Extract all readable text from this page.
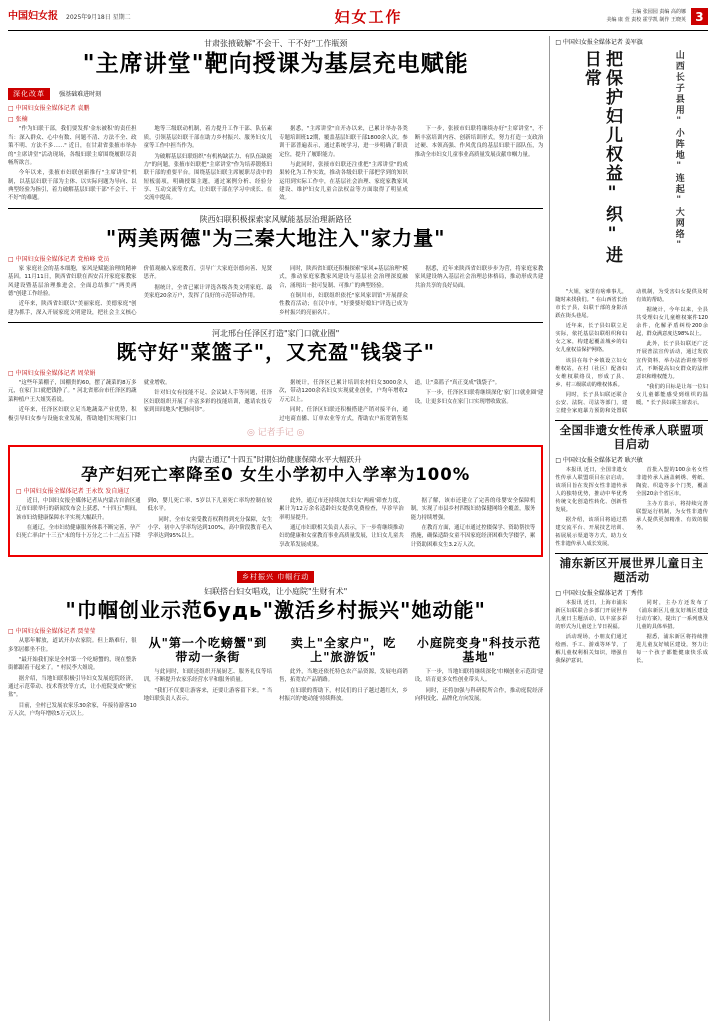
中国妇女报 2025年9月18日 星期二	妇女工作	主编 张园园 责编 高的娜
美编 康 萱 责校 霍学凯 制作 王晓英 3
甘肃张掖破解"不会干、干不好"工作瓶颈
"主席讲堂"靶向授课为基层充电赋能
深化改革 强基础难进时刻
□ 中国妇女报全媒体记者 袁鹏
□ 张楠

"作为妇联干部，我们要发挥'金东被积'的责任担当：深入群众、心中有数、问题不清、方法不全、政策不明、方法不多……" 近日，在甘肃省张掖市举办的"主席讲堂"活动现场，各级妇联主席围绕履职尽责畅所欲言。

今年以来，张掖市妇联创新推行"主席讲堂"机制，以基层妇联干部为主体、以实际问题为导向、以典型经验为指引，着力破解基层妇联干部"不会干、干不好"的难题。

地等三级联动机制，着力提升工作干部、队伍素质，引领基层妇联干部在助力乡村振兴、服务妇女儿童等工作中担当作为。

为破解基层妇联组织"有机构缺活力、有队伍缺能力"的问题，张掖市妇联把"主席讲堂"作为培养锻炼妇联干部的重要平台。围绕基层妇联主席履职尽责中的短板弱项，明确授课主题，通过案例分析、经验分享、互动交流等方式，让妇联干部在学习中成长、在交流中提高。

据悉，"主席讲堂"自开办以来，已累计举办各类专题培训班12期，覆盖基层妇联干部1800余人次。参训干部普遍表示，通过系统学习，进一步明确了职责定位，提升了履职能力。

与此同时，张掖市妇联还注重把"主席讲堂"的成果转化为工作实效，推动各级妇联干部把学到的知识运用到实际工作中，在基层社会治理、家庭家教家风建设、维护妇女儿童合法权益等方面取得了明显成效。

下一步，张掖市妇联将继续办好"主席讲堂"，不断丰富培训内容、创新培训形式，努力打造一支政治过硬、本领高强、作风优良的基层妇联干部队伍，为推动全市妇女儿童事业高质量发展贡献巾帼力量。

陕西妇联积极探索家风赋能基层治理新路径
"两美两德"为三秦大地注入"家力量"
□ 中国妇女报全媒体记者 党柏峰 党员

家 家庭社会的基本细胞，家风是赋能治理的精神基因。11月11日，陕西省妇联在西安召开家庭家教家风建设暨基层治理推进会，全面总结推广"两美两德"创建工作经验。

近年来，陕西省妇联以"美丽家庭、美德家庭"创建为抓手，深入开展家庭文明建设，把社会主义核心价值观融入家庭教育，引导广大家庭崇德向善、见贤思齐。

据统计，全省已累计评选各级各类文明家庭、最美家庭20余万户，发挥了良好的示范带动作用。

同时，陕西省妇联还积极探索"家风+基层治理"模式，推动家庭家教家风建设与基层社会治理深度融合，涌现出一批可复制、可推广的典型经验。

在铜川市，妇联组织依托"家风家训馆"开展群众性教育活动；在汉中市，"好婆婆好媳妇"评选已成为乡村振兴的亮丽名片。

据悉，近年来陕西省妇联步步为营，将家庭家教家风建设纳入基层社会治理总体格局，推动形成共建共治共享的良好局面。

河北邢台任泽区打造"家门口就业圈"
既守好"菜篮子"，又充盈"钱袋子"
□ 中国妇女报全媒体记者 周荣娟

"这些年菜棚子，国棚贵的60，摆了蔬菜的8万多元，在家门口就把钱挣了。" 河北省邢台市任泽区的蔬菜种植户王大姐笑着说。

近年来，任泽区妇联立足当地蔬菜产业优势，积极引导妇女参与设施农业发展，帮助她们实现家门口就业增收。

针对妇女有技能不足、会议缺人手等问题，任泽区妇联组织开展了丰富多彩的技能培训，邀请农技专家到田间地头"把脉问诊"。

据统计，任泽区已累计培训农村妇女3000余人次，带动1200余名妇女实现就业创业，户均年增收2万元以上。

同时，任泽区妇联还积极搭建产销对接平台，通过电商直播、订单农业等方式，帮助农户拓宽销售渠道，让"菜篮子"真正变成"钱袋子"。

下一步，任泽区妇联将继续深化'家门口就业圈'建设，让更多妇女在家门口实现增收致富。

◎ 记者手记 ◎
内蒙古通辽"十四五"时期妇幼健康保障水平大幅跃升
孕产妇死亡率降至0 女生小学初中入学率为100%
□ 中国妇女报全媒体记者 王永钦 发自通辽

近日，中国妇女报全媒体记者从内蒙古自治区通辽市妇联举行的新闻发布会上获悉，"十四五"期间，该市妇幼健康保障水平实现大幅跃升。

在通辽，全市妇幼健康服务体系不断完善，孕产妇死亡率由"十三五"末的每十万分之二十二点五下降到0，婴儿死亡率、5岁以下儿童死亡率均控制在较低水平。

同时，全市女童受教育权利得到充分保障，女生小学、初中入学率均达到100%，高中阶段教育毛入学率达到95%以上。

此外，通辽市还持续加大妇女'两癌'筛查力度，累计为12万余名适龄妇女提供免费检查，早诊早治率明显提升。

通辽市妇联相关负责人表示，下一步将继续推动妇幼健康和女童教育事业高质量发展，让妇女儿童共享改革发展成果。

据了解，该市还建立了完善的母婴安全保障机制，实现了市县乡村四级妇幼保健网络全覆盖，服务能力持续增强。

在教育方面，通辽市通过控辍保学、资助帮扶等措施，确保适龄女童不因家庭经济困难失学辍学，累计资助困难女生3.2万人次。

乡村振兴 巾帼行动
妇联搭台妇女唱戏，让小庭院"生财有术"
"巾帼创业示范будь"激活乡村振兴"她动能"
□ 中国妇女报全媒体记者 贾莹莹

从那年解放，道试开办农家院。但上路难行，很多邻居都坐不住。

"最开始我们家是全村第一个吃螃蟹的，现在整条街都跟着干起来了。" 村民李大姐说。

据介绍，当地妇联积极引导妇女发展庭院经济，通过示范带动、技术帮扶等方式，让小庭院变成"聚宝盆"。

目前，全村已发展农家乐30余家，年接待游客10万人次，户均年增收5万元以上。

从"第一个吃螃蟹"到带动一条街

与此同时，妇联还组织开展厨艺、服务礼仪等培训，不断提升农家乐经营水平和服务质量。

"我们不仅要让游客来，还要让游客留下来。" 当地妇联负责人表示。

卖上"全家户"，吃上"旅游饭"

此外，当地还依托特色农产品资源，发展电商销售，拓宽农产品销路。

在妇联的帮助下，村民们的日子越过越红火，乡村振兴的'她动能'持续释放。

小庭院变身"科技示范基地"

下一步，当地妇联将继续深化'巾帼创业示范街'建设，培育更多女性创业带头人。

同时，还将加强与科研院所合作，推动庭院经济向科技化、品牌化方向发展。

□ 中国妇女报全媒体记者 姜军旗
把保护妇儿权益"织"进日常	山西长子县用"小阵地"连起"大网络"

"大姐，家里有啥难事儿，随时来找我们。" 在山西省长治市长子县，妇联干部的身影活跃在街头巷尾。

近年来，长子县妇联立足实际，依托基层妇联组织和妇女之家，构建起覆盖城乡的妇女儿童权益保护网络。

该县在每个乡镇设立妇女维权站，在村（社区）配备妇女维权联络员，形成了县、乡、村三级联动的维权体系。

同时，长子县妇联还联合公安、法院、司法等部门，建立健全家庭暴力预防和处置联动机制，为受害妇女提供及时有效的帮助。

据统计，今年以来，全县共受理妇女儿童维权案件120余件，化解矛盾纠纷200余起，群众满意度达98%以上。

此外，长子县妇联还广泛开展普法宣传活动，通过发放宣传资料、举办法治讲座等形式，不断提高妇女群众的法律意识和维权能力。

"我们的目标是让每一位妇女儿童都能感受到组织的温暖。" 长子县妇联主席表示。

全国非遗女性传承人联盟项目启动
□ 中国妇女报全媒体记者 耿兴敏

本报讯 近日，全国非遗女性传承人联盟项目在京启动。该项目旨在发挥女性非遗传承人的独特优势，推动中华优秀传统文化创造性转化、创新性发展。

据介绍，该项目将通过搭建交流平台、开展技艺培训、拓展展示渠道等方式，助力女性非遗传承人成长发展。

首批入盟的100余名女性非遗传承人涵盖刺绣、剪纸、陶瓷、织造等多个门类，覆盖全国20余个省区市。

主办方表示，将持续完善联盟运行机制，为女性非遗传承人提供更加精准、有效的服务。

浦东新区开展世界儿童日主题活动
□ 中国妇女报全媒体记者 丁秀伟

本报讯 近日，上海市浦东新区妇联联合多部门开展世界儿童日主题活动，以丰富多彩的形式为儿童送上节日祝福。

活动现场，小朋友们通过绘画、手工、游戏等环节，了解儿童权利相关知识，增强自我保护意识。

同时，主办方还发布了《浦东新区儿童友好城区建设行动方案》，提出了一系列惠及儿童的具体举措。

据悉，浦东新区将持续推进儿童友好城区建设，努力让每一个孩子都能健康快乐成长。
